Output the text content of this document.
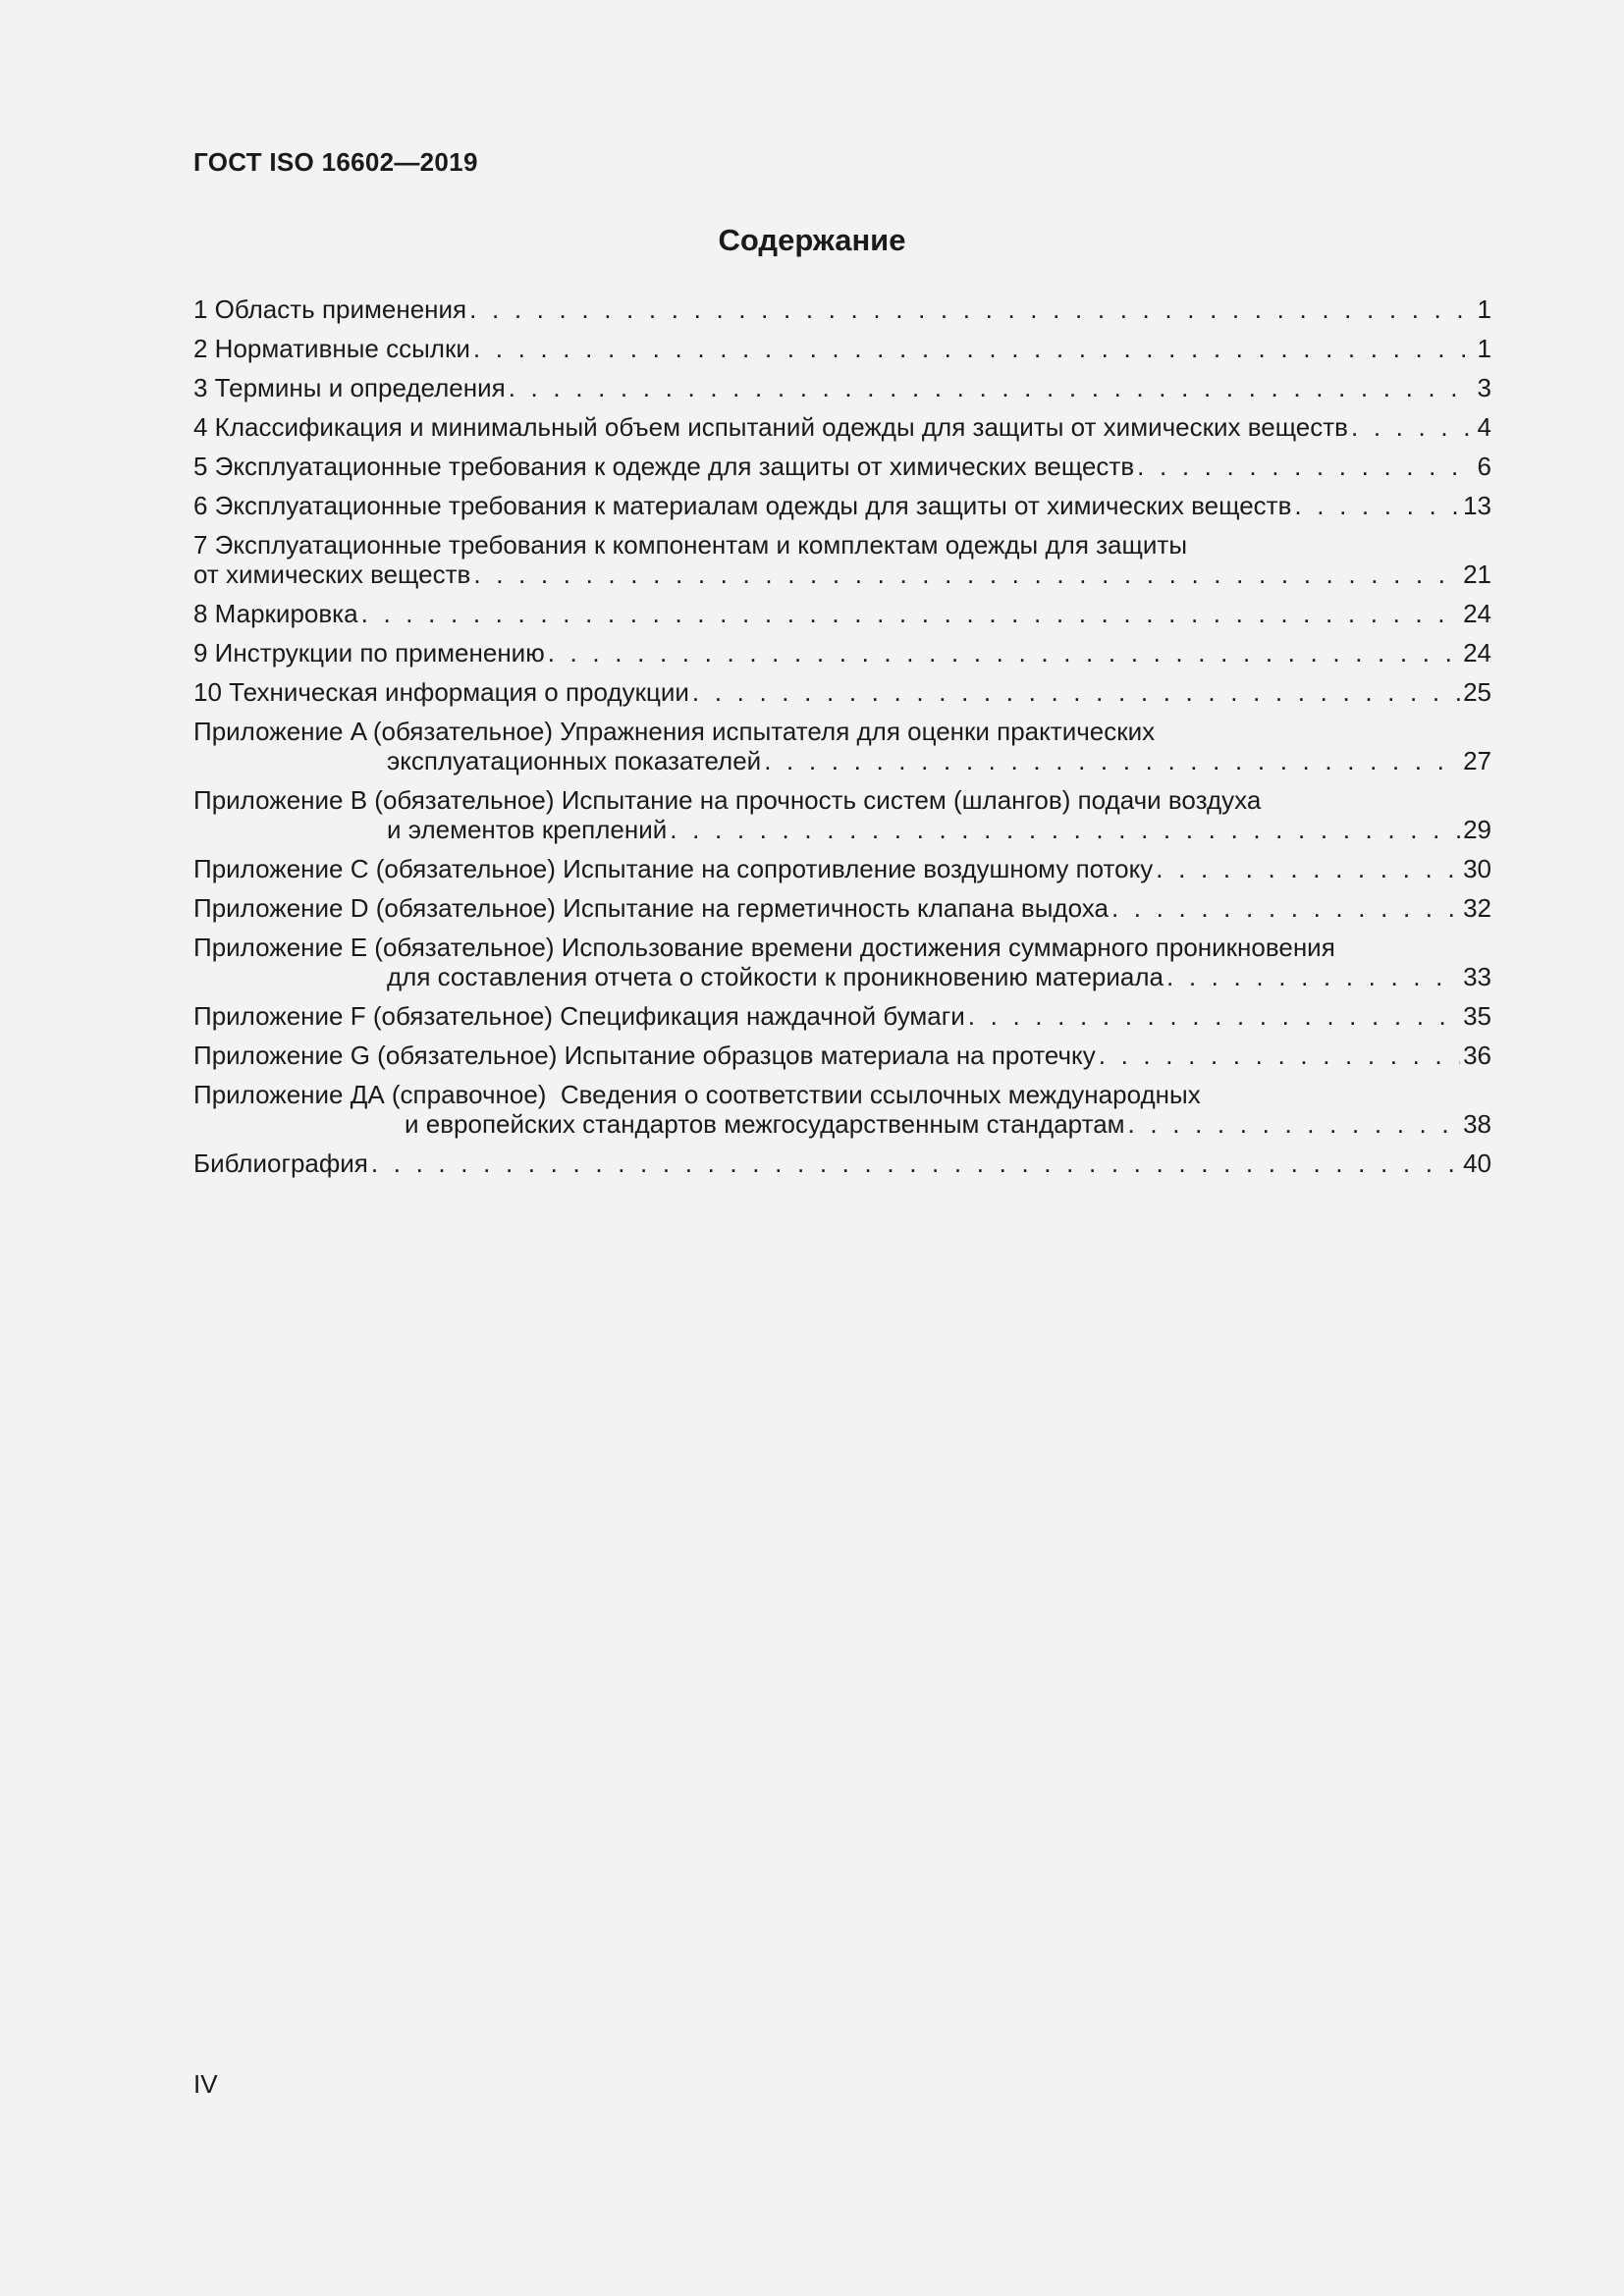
ГОСТ ISO 16602—2019
Содержание
1 Область применения . . .	1
2 Нормативные ссылки . . .	1
3 Термины и определения . . .	3
4 Классификация и минимальный объем испытаний одежды для защиты от химических веществ . . .	4
5 Эксплуатационные требования к одежде для защиты от химических веществ . . .	6
6 Эксплуатационные требования к материалам одежды для защиты от химических веществ . . .	13
7 Эксплуатационные требования к компонентам и комплектам одежды для защиты
от химических веществ . . .	21
8 Маркировка . . .	24
9 Инструкции по применению . . .	24
10 Техническая информация о продукции . . .	25
Приложение A (обязательное) Упражнения испытателя для оценки практических
эксплуатационных показателей . . .	27
Приложение B (обязательное) Испытание на прочность систем (шлангов) подачи воздуха
и элементов креплений . . .	29
Приложение C (обязательное) Испытание на сопротивление воздушному потоку . . .	30
Приложение D (обязательное) Испытание на герметичность клапана выдоха . . .	32
Приложение E (обязательное) Использование времени достижения суммарного проникновения
для составления отчета о стойкости к проникновению материала . . .	33
Приложение F (обязательное) Спецификация наждачной бумаги . . .	35
Приложение G (обязательное) Испытание образцов материала на протечку . . .	36
Приложение ДА (справочное)  Сведения о соответствии ссылочных международных
и европейских стандартов межгосударственным стандартам . . .	38
Библиография . . .	40
IV
